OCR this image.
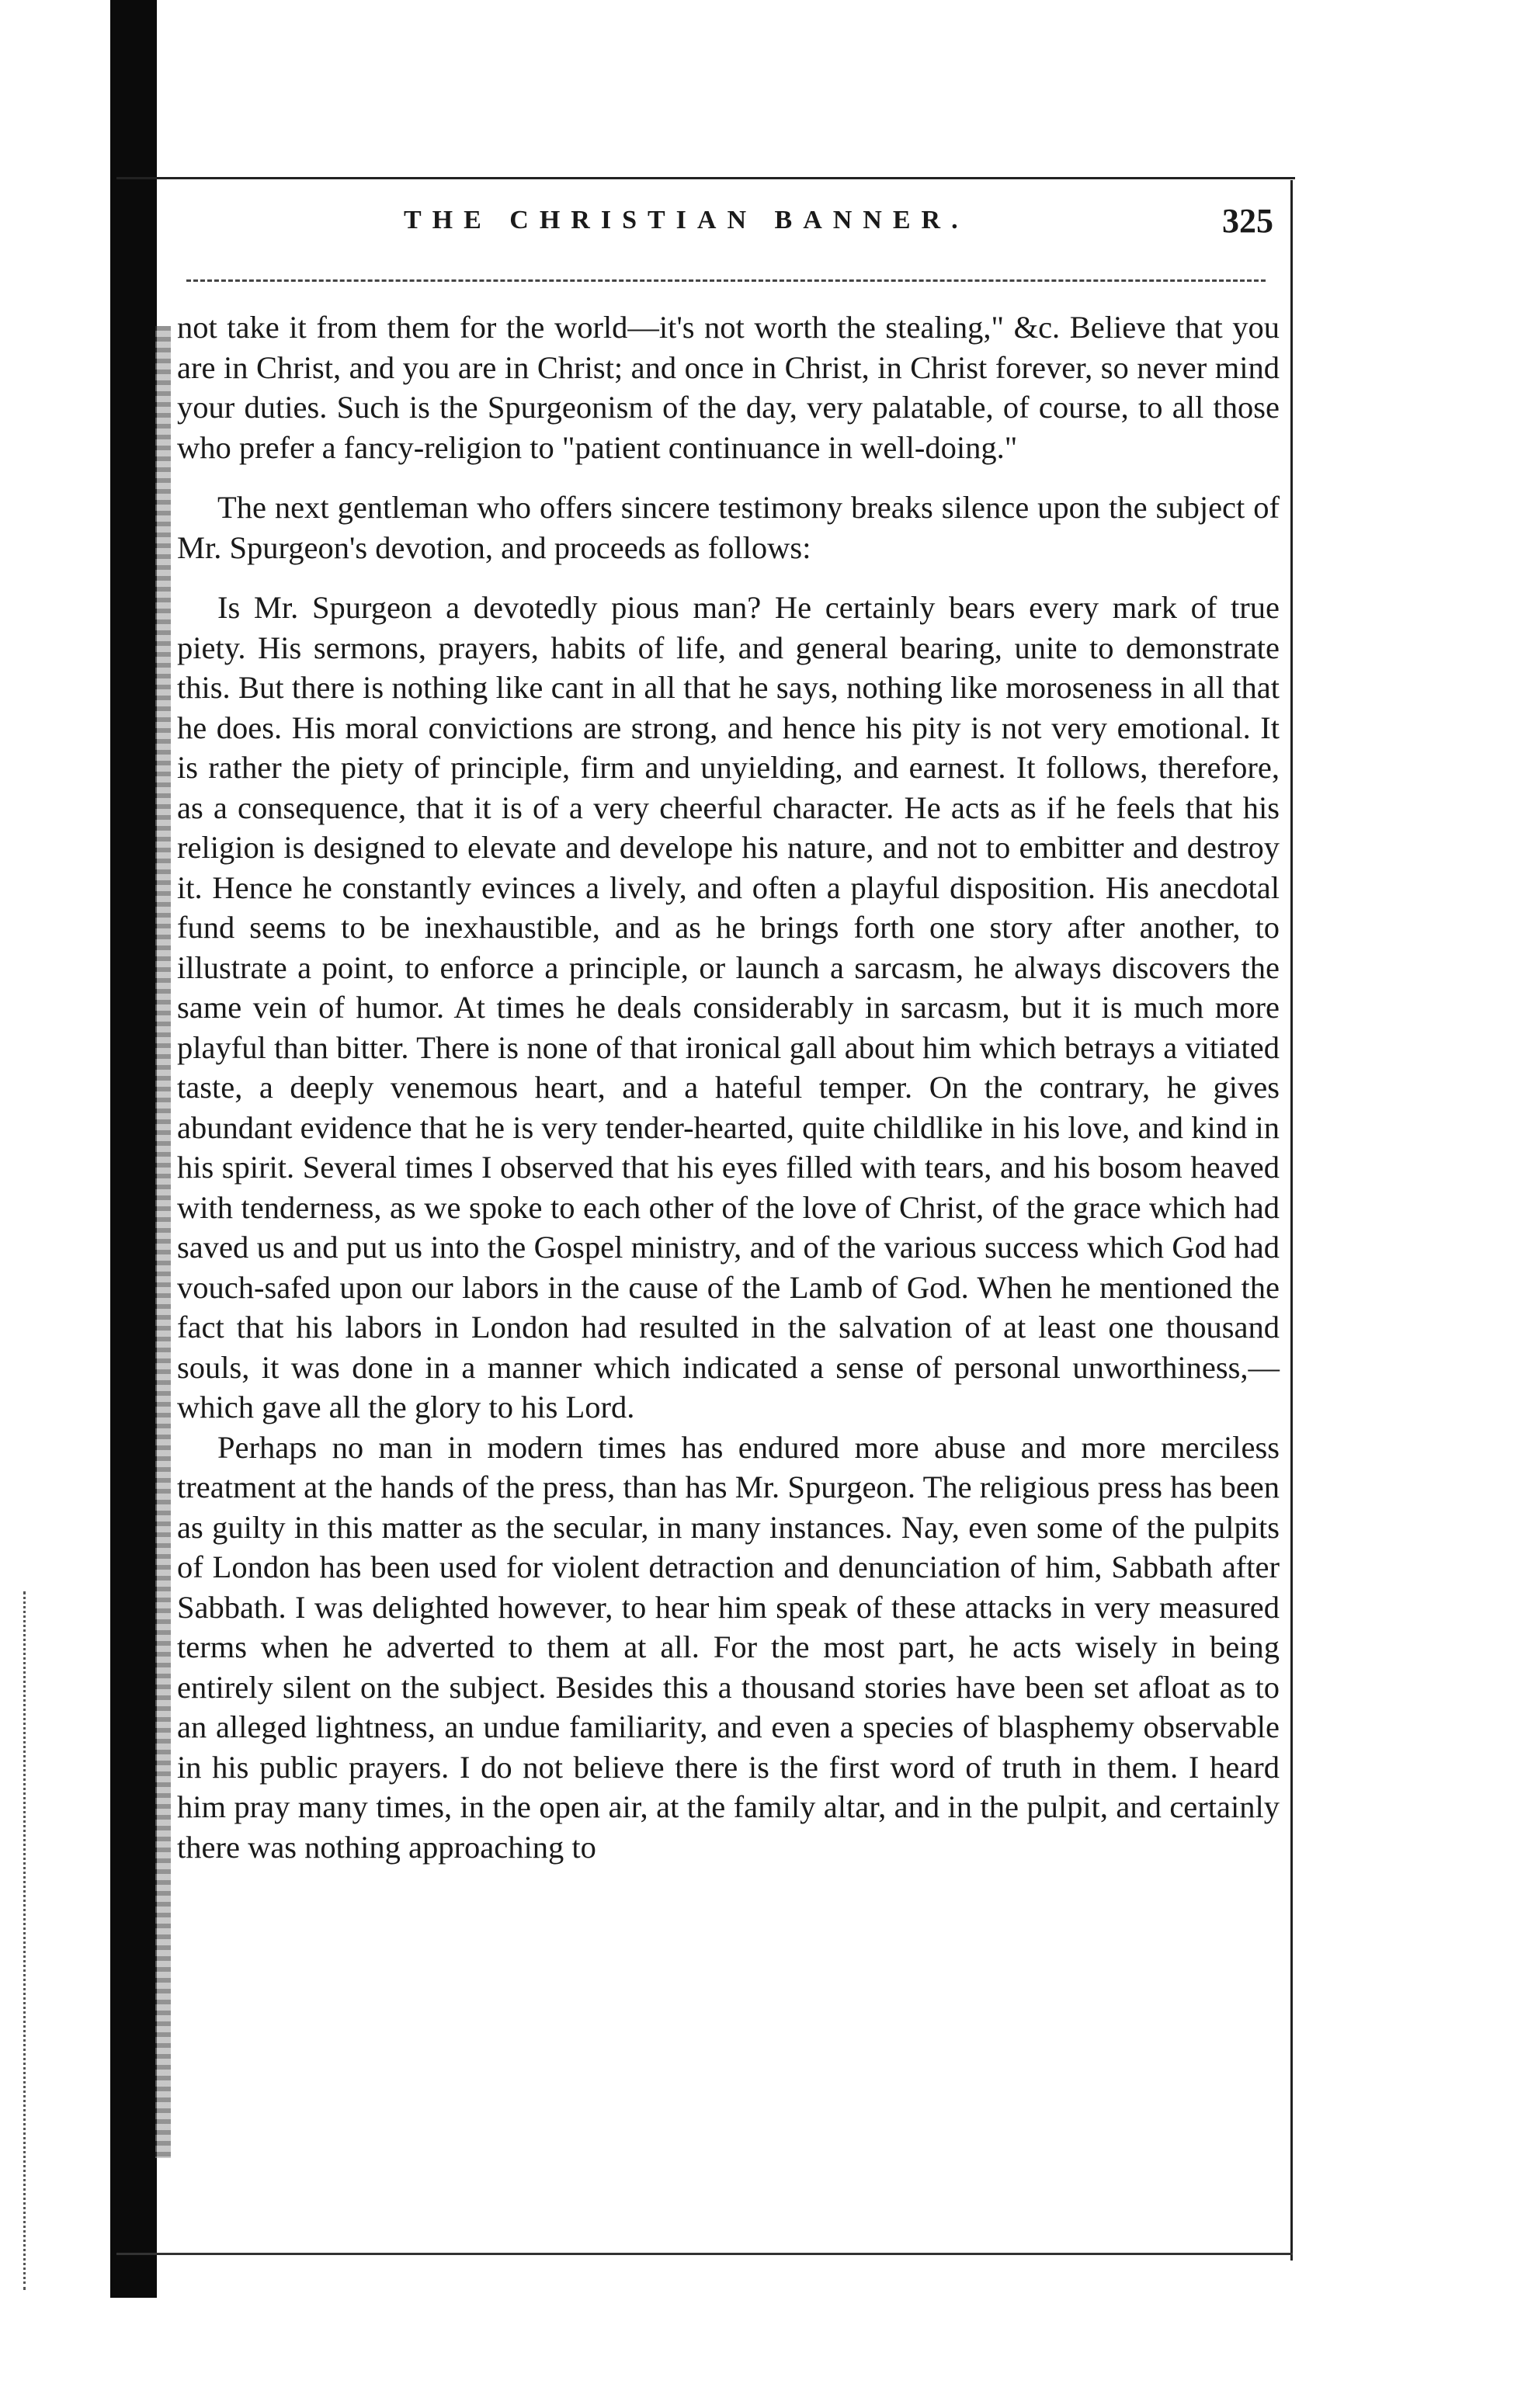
THE CHRISTIAN BANNER.	325

not take it from them for the world—it's not worth the stealing," &c. Believe that you are in Christ, and you are in Christ; and once in Christ, in Christ forever, so never mind your duties. Such is the Spurgeonism of the day, very palatable, of course, to all those who prefer a fancy-religion to "patient continuance in well-doing."

The next gentleman who offers sincere testimony breaks silence upon the subject of Mr. Spurgeon's devotion, and proceeds as follows:

Is Mr. Spurgeon a devotedly pious man? He certainly bears every mark of true piety. His sermons, prayers, habits of life, and general bearing, unite to demonstrate this. But there is nothing like cant in all that he says, nothing like moroseness in all that he does. His moral convictions are strong, and hence his pity is not very emotional. It is rather the piety of principle, firm and unyielding, and earnest. It follows, therefore, as a consequence, that it is of a very cheerful character. He acts as if he feels that his religion is designed to elevate and develope his nature, and not to embitter and destroy it. Hence he constantly evinces a lively, and often a playful disposition. His anecdotal fund seems to be inexhaustible, and as he brings forth one story after another, to illustrate a point, to enforce a principle, or launch a sarcasm, he always discovers the same vein of humor. At times he deals considerably in sarcasm, but it is much more playful than bitter. There is none of that ironical gall about him which betrays a vitiated taste, a deeply venemous heart, and a hateful temper. On the contrary, he gives abundant evidence that he is very tender-hearted, quite childlike in his love, and kind in his spirit. Several times I observed that his eyes filled with tears, and his bosom heaved with tenderness, as we spoke to each other of the love of Christ, of the grace which had saved us and put us into the Gospel ministry, and of the various success which God had vouch-safed upon our labors in the cause of the Lamb of God. When he mentioned the fact that his labors in London had resulted in the salvation of at least one thousand souls, it was done in a manner which indicated a sense of personal unworthiness,—which gave all the glory to his Lord.

Perhaps no man in modern times has endured more abuse and more merciless treatment at the hands of the press, than has Mr. Spurgeon. The religious press has been as guilty in this matter as the secular, in many instances. Nay, even some of the pulpits of London has been used for violent detraction and denunciation of him, Sabbath after Sabbath. I was delighted however, to hear him speak of these attacks in very measured terms when he adverted to them at all. For the most part, he acts wisely in being entirely silent on the subject. Besides this a thousand stories have been set afloat as to an alleged lightness, an undue familiarity, and even a species of blasphemy observable in his public prayers. I do not believe there is the first word of truth in them. I heard him pray many times, in the open air, at the family altar, and in the pulpit, and certainly there was nothing approaching to
